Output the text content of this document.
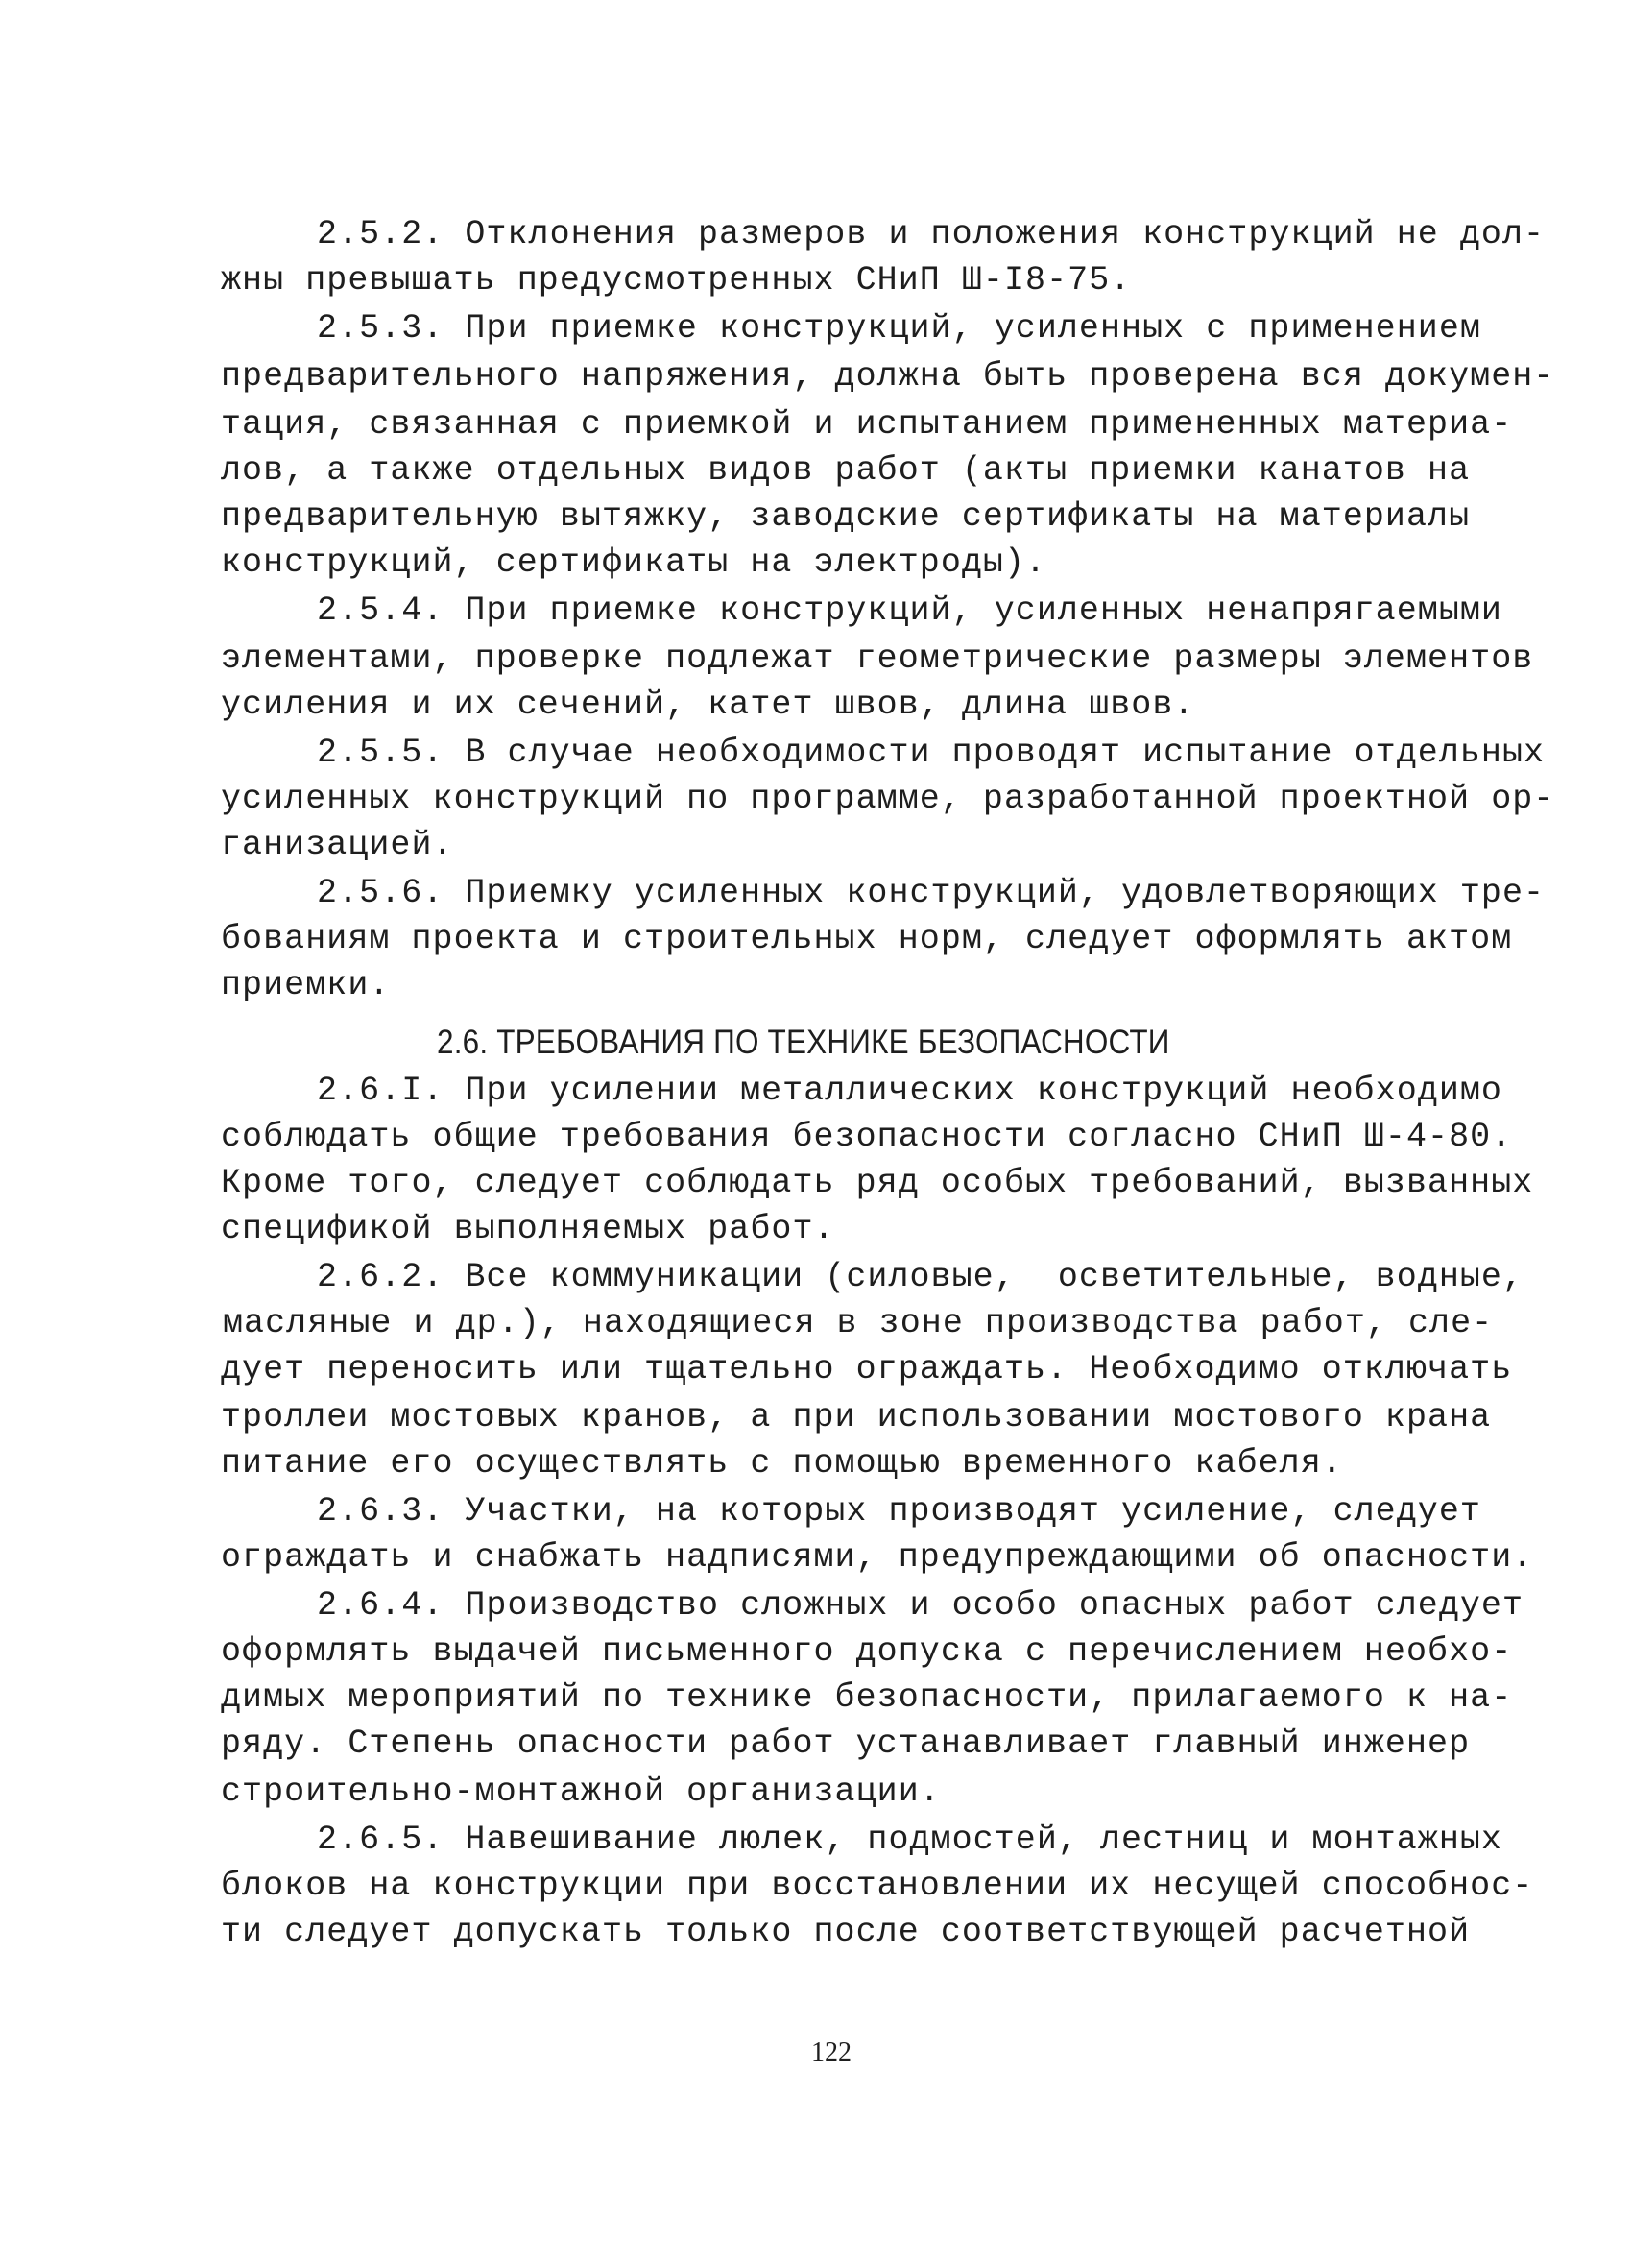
2.5.2. Отклонения размеров и положения конструкций не дол-
жны превышать предусмотренных СНиП Ш-I8-75.
2.5.3. При приемке конструкций, усиленных с применением
предварительного напряжения, должна быть проверена вся докумен-
тация, связанная с приемкой и испытанием примененных материа-
лов, а также отдельных видов работ (акты приемки канатов на
предварительную вытяжку, заводские сертификаты на материалы
конструкций, сертификаты на электроды).
2.5.4. При приемке конструкций, усиленных ненапрягаемыми
элементами, проверке подлежат геометрические размеры элементов
усиления и их сечений, катет швов, длина швов.
2.5.5. В случае необходимости проводят испытание отдельных
усиленных конструкций по программе, разработанной проектной ор-
ганизацией.
2.5.6. Приемку усиленных конструкций, удовлетворяющих тре-
бованиям проекта и строительных норм, следует оформлять актом
приемки.
2.6. ТРЕБОВАНИЯ ПО ТЕХНИКЕ БЕЗОПАСНОСТИ
2.6.I. При усилении металлических конструкций необходимо
соблюдать общие требования безопасности согласно СНиП Ш-4-80.
Кроме того, следует соблюдать ряд особых требований, вызванных
спецификой выполняемых работ.
2.6.2. Все коммуникации (силовые,  осветительные, водные,
масляные и др.), находящиеся в зоне производства работ, сле-
дует переносить или тщательно ограждать. Необходимо отключать
троллеи мостовых кранов, а при использовании мостового крана
питание его осуществлять с помощью временного кабеля.
2.6.3. Участки, на которых производят усиление, следует
ограждать и снабжать надписями, предупреждающими об опасности.
2.6.4. Производство сложных и особо опасных работ следует
оформлять выдачей письменного допуска с перечислением необхо-
димых мероприятий по технике безопасности, прилагаемого к на-
ряду. Степень опасности работ устанавливает главный инженер
строительно-монтажной организации.
2.6.5. Навешивание люлек, подмостей, лестниц и монтажных
блоков на конструкции при восстановлении их несущей способнос-
ти следует допускать только после соответствующей расчетной
122
